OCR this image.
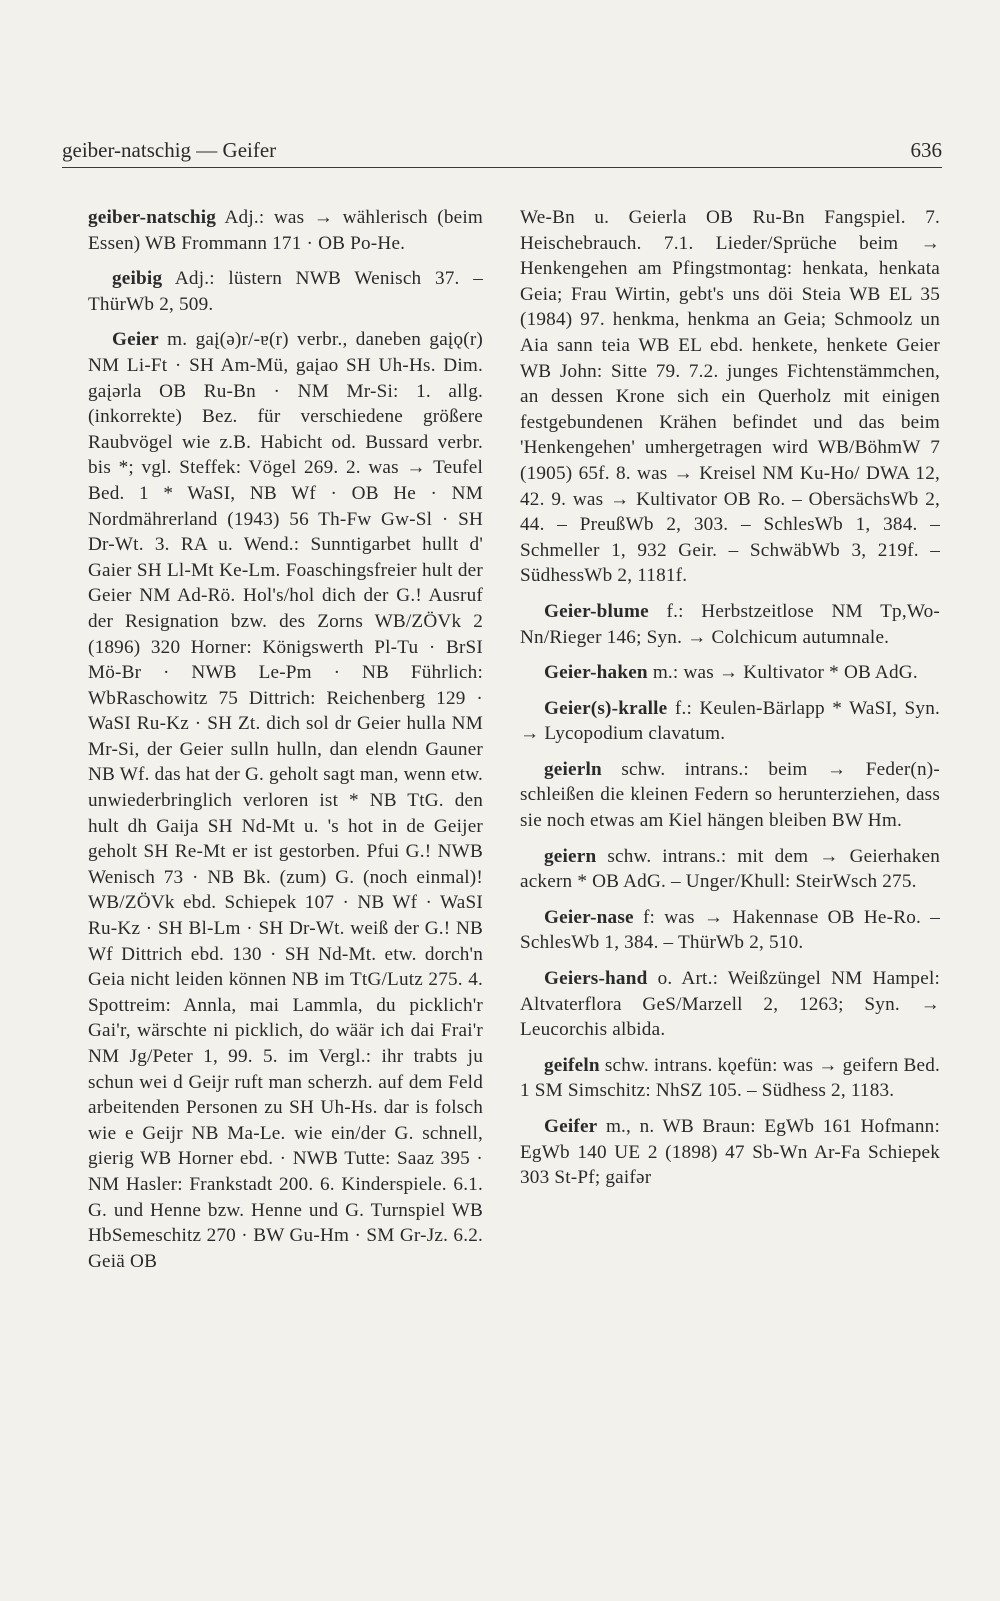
geiber-natschig — Geifer	636

geiber-natschig Adj.: was → wählerisch (beim Essen) WB Frommann 171 · OB Po-He.

geibig Adj.: lüstern NWB Wenisch 37. – ThürWb 2, 509.

Geier m. gaį(ə)r/-ɐ(r) verbr., daneben gaįǫ(r) NM Li-Ft · SH Am-Mü, gaįao SH Uh-Hs. Dim. gaįərla OB Ru-Bn · NM Mr-Si: 1. allg. (inkorrekte) Bez. für verschiedene größere Raubvögel wie z.B. Habicht od. Bussard verbr. bis *; vgl. Steffek: Vögel 269. 2. was → Teufel Bed. 1 * WaSI, NB Wf · OB He · NM Nordmährerland (1943) 56 Th-Fw Gw-Sl · SH Dr-Wt. 3. RA u. Wend.: Sunntigarbet hullt d' Gaier SH Ll-Mt Ke-Lm. Foaschingsfreier hult der Geier NM Ad-Rö. Hol's/hol dich der G.! Ausruf der Resignation bzw. des Zorns WB/ZÖVk 2 (1896) 320 Horner: Königswerth Pl-Tu · BrSI Mö-Br · NWB Le-Pm · NB Führlich: WbRaschowitz 75 Dittrich: Reichenberg 129 · WaSI Ru-Kz · SH Zt. dich sol dr Geier hulla NM Mr-Si, der Geier sulln hulln, dan elendn Gauner NB Wf. das hat der G. geholt sagt man, wenn etw. unwiederbringlich verloren ist * NB TtG. den hult dh Gaija SH Nd-Mt u. 's hot in de Geijer geholt SH Re-Mt er ist gestorben. Pfui G.! NWB Wenisch 73 · NB Bk. (zum) G. (noch einmal)! WB/ZÖVk ebd. Schiepek 107 · NB Wf · WaSI Ru-Kz · SH Bl-Lm · SH Dr-Wt. weiß der G.! NB Wf Dittrich ebd. 130 · SH Nd-Mt. etw. dorch'n Geia nicht leiden können NB im TtG/Lutz 275. 4. Spottreim: Annla, mai Lammla, du picklich'r Gai'r, wärschte ni picklich, do wäär ich dai Frai'r NM Jg/Peter 1, 99. 5. im Vergl.: ihr trabts ju schun wei d Geijr ruft man scherzh. auf dem Feld arbeitenden Personen zu SH Uh-Hs. dar is folsch wie e Geijr NB Ma-Le. wie ein/der G. schnell, gierig WB Horner ebd. · NWB Tutte: Saaz 395 · NM Hasler: Frankstadt 200. 6. Kinderspiele. 6.1. G. und Henne bzw. Henne und G. Turnspiel WB HbSemeschitz 270 · BW Gu-Hm · SM Gr-Jz. 6.2. Geiä OB

We-Bn u. Geierla OB Ru-Bn Fangspiel. 7. Heischebrauch. 7.1. Lieder/Sprüche beim → Henkengehen am Pfingstmontag: henkata, henkata Geia; Frau Wirtin, gebt's uns döi Steia WB EL 35 (1984) 97. henkma, henkma an Geia; Schmoolz un Aia sann teia WB EL ebd. henkete, henkete Geier WB John: Sitte 79. 7.2. junges Fichtenstämmchen, an dessen Krone sich ein Querholz mit einigen festgebundenen Krähen befindet und das beim 'Henkengehen' umhergetragen wird WB/BöhmW 7 (1905) 65f. 8. was → Kreisel NM Ku-Ho/ DWA 12, 42. 9. was → Kultivator OB Ro. – ObersächsWb 2, 44. – PreußWb 2, 303. – SchlesWb 1, 384. – Schmeller 1, 932 Geir. – SchwäbWb 3, 219f. – SüdhessWb 2, 1181f.

Geier-blume f.: Herbstzeitlose NM Tp,Wo-Nn/Rieger 146; Syn. → Colchicum autumnale.

Geier-haken m.: was → Kultivator * OB AdG.

Geier(s)-kralle f.: Keulen-Bärlapp * WaSI, Syn. → Lycopodium clavatum.

geierln schw. intrans.: beim → Feder(n)-schleißen die kleinen Federn so herunterziehen, dass sie noch etwas am Kiel hängen bleiben BW Hm.

geiern schw. intrans.: mit dem → Geierhaken ackern * OB AdG. – Unger/Khull: SteirWsch 275.

Geier-nase f: was → Hakennase OB He-Ro. – SchlesWb 1, 384. – ThürWb 2, 510.

Geiers-hand o. Art.: Weißzüngel NM Hampel: Altvaterflora GeS/Marzell 2, 1263; Syn. → Leucorchis albida.

geifeln schw. intrans. kǫefün: was → geifern Bed. 1 SM Simschitz: NhSZ 105. – Südhess 2, 1183.

Geifer m., n. WB Braun: EgWb 161 Hofmann: EgWb 140 UE 2 (1898) 47 Sb-Wn Ar-Fa Schiepek 303 St-Pf; gaifər
